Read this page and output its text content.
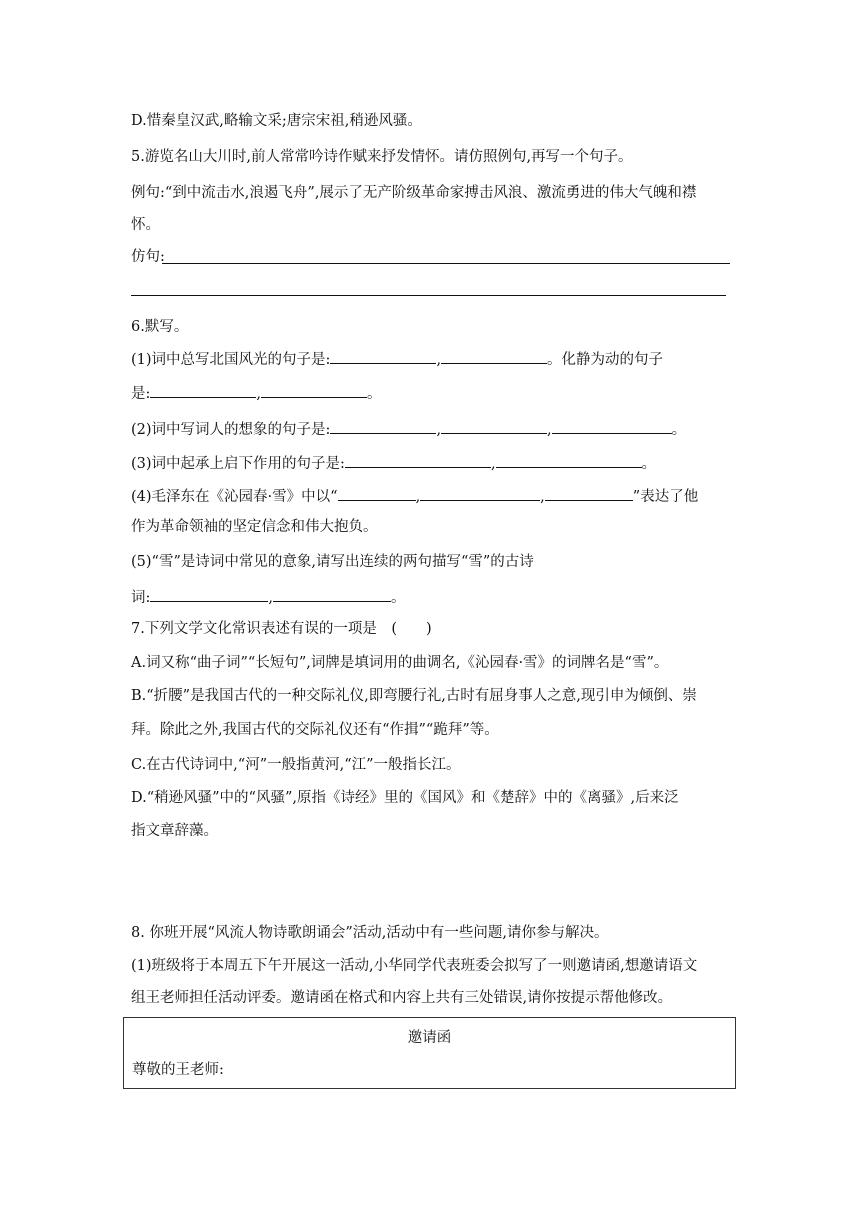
D.惜秦皇汉武,略输文采;唐宗宋祖,稍逊风骚。
5.游览名山大川时,前人常常吟诗作赋来抒发情怀。请仿照例句,再写一个句子。
例句:“到中流击水,浪遏飞舟”,展示了无产阶级革命家搏击风浪、激流勇进的伟大气魄和襟
怀。
仿句:
6.默写。
(1)词中总写北国风光的句子是:	,	。化静为动的句子
是:	,	。
(2)词中写词人的想象的句子是:	,	,	。
(3)词中起承上启下作用的句子是:	,	。
(4)毛泽东在《沁园春·雪》中以“	,	,	”表达了他
作为革命领袖的坚定信念和伟大抱负。
(5)“雪”是诗词中常见的意象,请写出连续的两句描写“雪”的古诗
词:	,	。
7.下列文学文化常识表述有误的一项是　(　　)
A.词又称“曲子词”“长短句”,词牌是填词用的曲调名,《沁园春·雪》的词牌名是“雪”。
B.“折腰”是我国古代的一种交际礼仪,即弯腰行礼,古时有屈身事人之意,现引申为倾倒、崇
拜。除此之外,我国古代的交际礼仪还有“作揖”“跪拜”等。
C.在古代诗词中,“河”一般指黄河,“江”一般指长江。
D.“稍逊风骚”中的“风骚”,原指《诗经》里的《国风》和《楚辞》中的《离骚》,后来泛
指文章辞藻。
8. 你班开展“风流人物诗歌朗诵会”活动,活动中有一些问题,请你参与解决。
(1)班级将于本周五下午开展这一活动,小华同学代表班委会拟写了一则邀请函,想邀请语文
组王老师担任活动评委。邀请函在格式和内容上共有三处错误,请你按提示帮他修改。
邀请函
尊敬的王老师:
